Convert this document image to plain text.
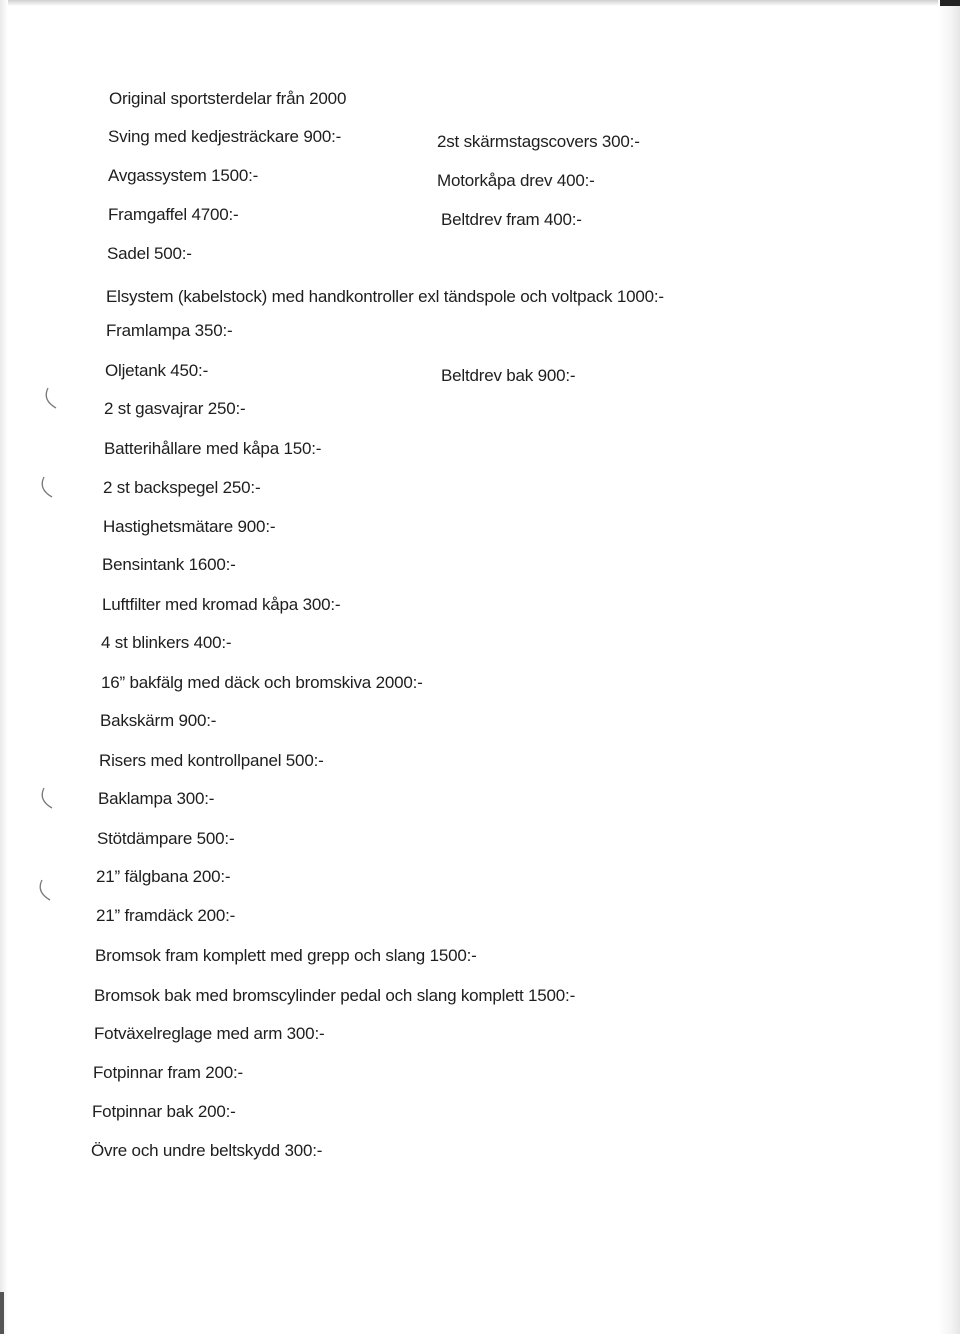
Original sportsterdelar från 2000
Sving med kedjesträckare 900:-
Avgassystem 1500:-
Framgaffel 4700:-
Sadel 500:-
Elsystem (kabelstock) med handkontroller exl tändspole och voltpack 1000:-
Framlampa 350:-
Oljetank 450:-
2 st gasvajrar 250:-
Batterihållare med kåpa 150:-
2 st backspegel 250:-
Hastighetsmätare 900:-
Bensintank 1600:-
Luftfilter med kromad kåpa 300:-
4 st blinkers 400:-
16” bakfälg med däck och bromskiva 2000:-
Bakskärm 900:-
Risers med kontrollpanel 500:-
Baklampa 300:-
Stötdämpare 500:-
21” fälgbana 200:-
21” framdäck 200:-
Bromsok fram komplett med grepp och slang 1500:-
Bromsok bak med bromscylinder pedal och slang komplett 1500:-
Fotväxelreglage med arm 300:-
Fotpinnar fram 200:-
Fotpinnar bak 200:-
Övre och undre beltskydd 300:-
2st skärmstagscovers 300:-
Motorkåpa drev 400:-
Beltdrev fram 400:-
Beltdrev bak 900:-
